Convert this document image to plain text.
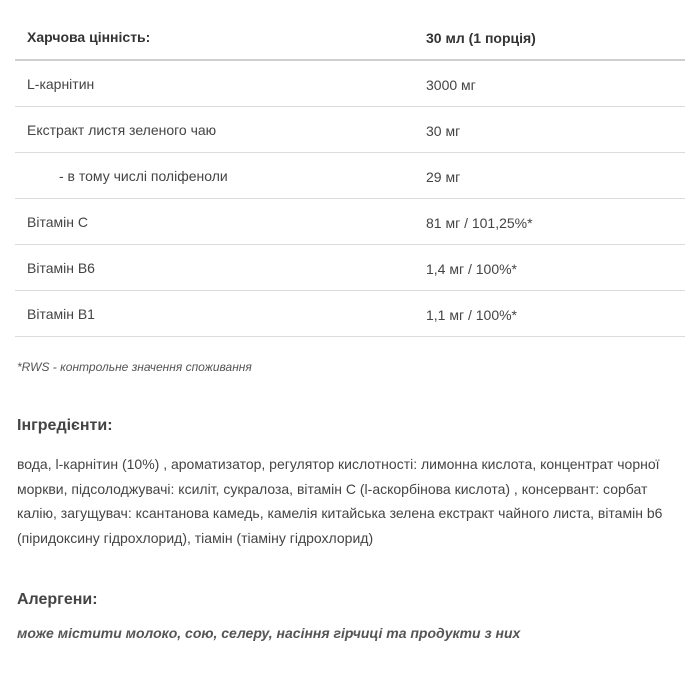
Харчова цінність:	30 мл (1 порція)
L-карнітин	3000 мг
Екстракт листя зеленого чаю	30 мг
- в тому числі поліфеноли	29 мг
Вітамін С	81 мг / 101,25%*
Вітамін В6	1,4 мг / 100%*
Вітамін В1	1,1 мг / 100%*
*RWS - контрольне значення споживання
Інгредієнти:
вода, l-карнітин (10%) , ароматизатор, регулятор кислотності: лимонна кислота, концентрат чорної моркви, підсолоджувачі: ксиліт, сукралоза, вітамін C (l-аскорбінова кислота) , консервант: сорбат калію, загущувач: ксантанова камедь, камелія китайська зелена екстракт чайного листа, вітамін b6 (піридоксину гідрохлорид), тіамін (тіаміну гідрохлорид)
Алергени:
може містити молоко, сою, селеру, насіння гірчиці та продукти з них
